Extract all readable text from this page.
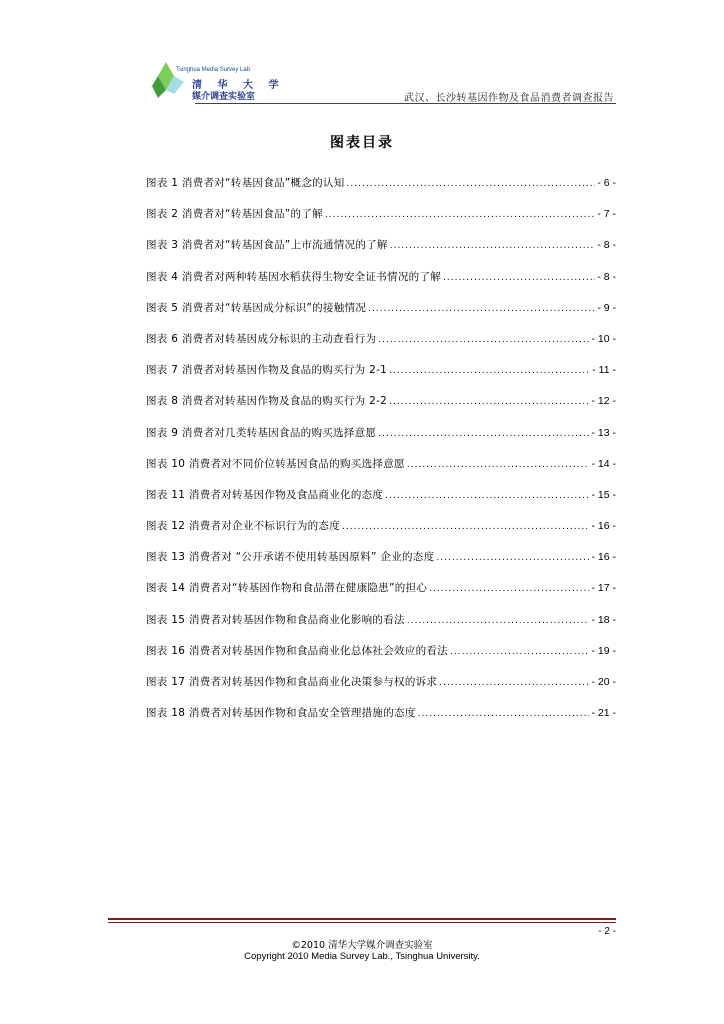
Tsinghua Media Survey Lab
清 华 大 学
媒介调查实验室	武汉、长沙转基因作物及食品消费者调查报告
图表目录
图表 1 消费者对“转基因食品”概念的认知 .....	- 6 -
图表 2 消费者对“转基因食品”的了解 .....	- 7 -
图表 3 消费者对“转基因食品”上市流通情况的了解 .....	- 8 -
图表 4 消费者对两种转基因水稻获得生物安全证书情况的了解 .....	- 8 -
图表 5 消费者对“转基因成分标识”的接触情况 .....	- 9 -
图表 6 消费者对转基因成分标识的主动查看行为 .....	- 10 -
图表 7 消费者对转基因作物及食品的购买行为 2-1 .....	- 11 -
图表 8 消费者对转基因作物及食品的购买行为 2-2 .....	- 12 -
图表 9 消费者对几类转基因食品的购买选择意愿 .....	- 13 -
图表 10 消费者对不同价位转基因食品的购买选择意愿 .....	- 14 -
图表 11 消费者对转基因作物及食品商业化的态度 .....	- 15 -
图表 12 消费者对企业不标识行为的态度 .....	- 16 -
图表 13 消费者对 “公开承诺不使用转基因原料” 企业的态度 .....	- 16 -
图表 14 消费者对“转基因作物和食品潜在健康隐患”的担心 .....	- 17 -
图表 15 消费者对转基因作物和食品商业化影响的看法 .....	- 18 -
图表 16 消费者对转基因作物和食品商业化总体社会效应的看法 .....	- 19 -
图表 17 消费者对转基因作物和食品商业化决策参与权的诉求 .....	- 20 -
图表 18 消费者对转基因作物和食品安全管理措施的态度 .....	- 21 -
- 2 -
©2010 清华大学媒介调查实验室
Copyright 2010 Media Survey Lab., Tsinghua University.
